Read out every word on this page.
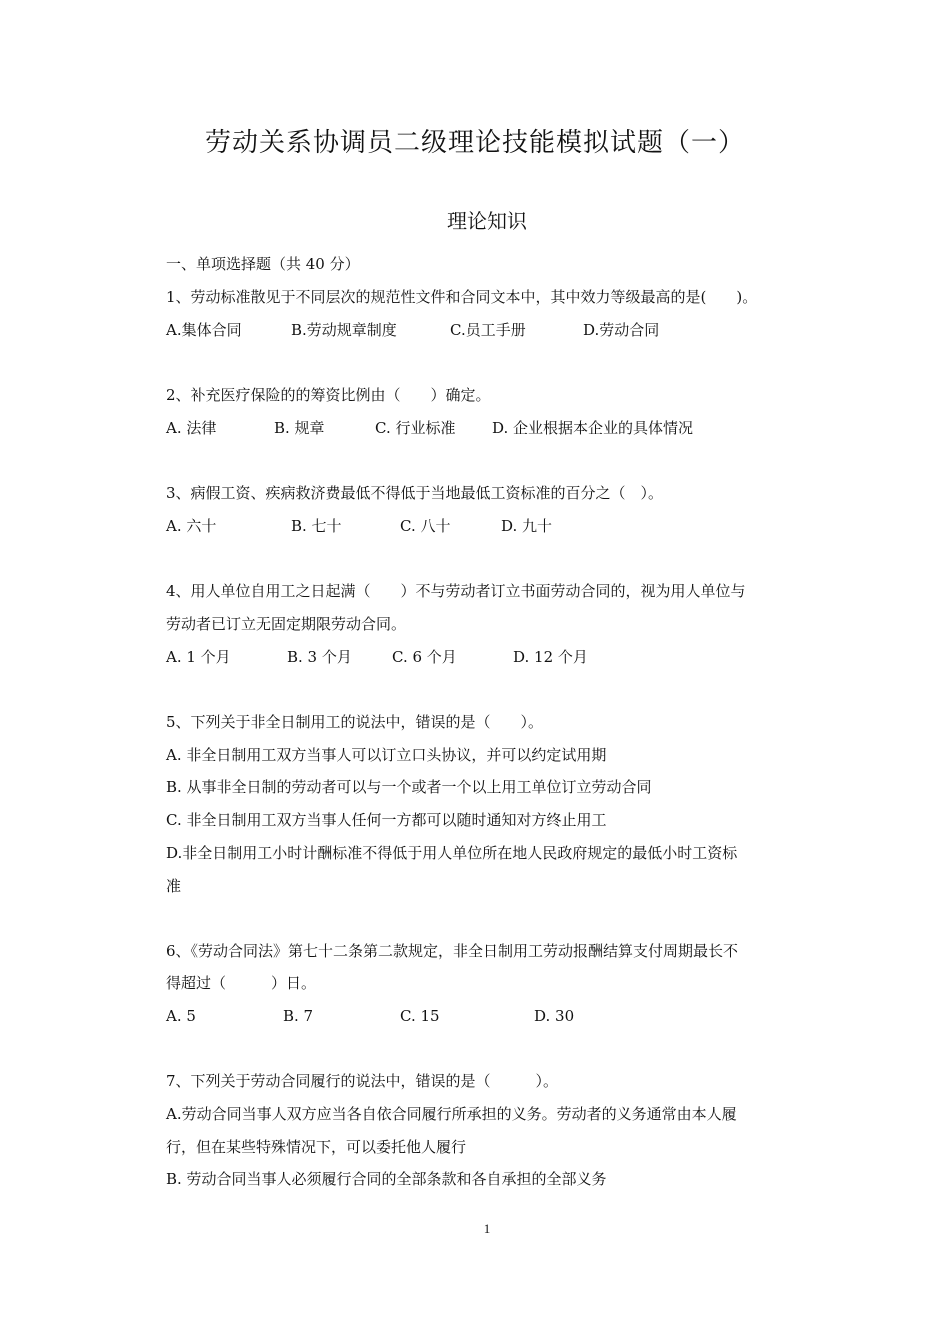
劳动关系协调员二级理论技能模拟试题（一）
理论知识
一、单项选择题（共 40 分）
1、劳动标准散见于不同层次的规范性文件和合同文本中，其中效力等级最高的是(　　)。
A.集体合同	B.劳动规章制度	C.员工手册	D.劳动合同
2、补充医疗保险的的筹资比例由（　　）确定。
A. 法律	B. 规章	C. 行业标准 D. 企业根据本企业的具体情况
3、病假工资、疾病救济费最低不得低于当地最低工资标准的百分之（　）。
A. 六十	B. 七十	C. 八十	D. 九十
4、用人单位自用工之日起满（　　）不与劳动者订立书面劳动合同的，视为用人单位与
劳动者已订立无固定期限劳动合同。
A. 1 个月	B. 3 个月	C. 6 个月	D. 12 个月
5、下列关于非全日制用工的说法中，错误的是（　　）。
A. 非全日制用工双方当事人可以订立口头协议，并可以约定试用期
B. 从事非全日制的劳动者可以与一个或者一个以上用工单位订立劳动合同
C. 非全日制用工双方当事人任何一方都可以随时通知对方终止用工
D.非全日制用工小时计酬标准不得低于用人单位所在地人民政府规定的最低小时工资标
准
6、《劳动合同法》第七十二条第二款规定，非全日制用工劳动报酬结算支付周期最长不
得超过（　　　）日。
A. 5	B. 7	C. 15	D. 30
7、下列关于劳动合同履行的说法中，错误的是（　　　）。
A.劳动合同当事人双方应当各自依合同履行所承担的义务。劳动者的义务通常由本人履
行，但在某些特殊情况下，可以委托他人履行
B. 劳动合同当事人必须履行合同的全部条款和各自承担的全部义务
1
